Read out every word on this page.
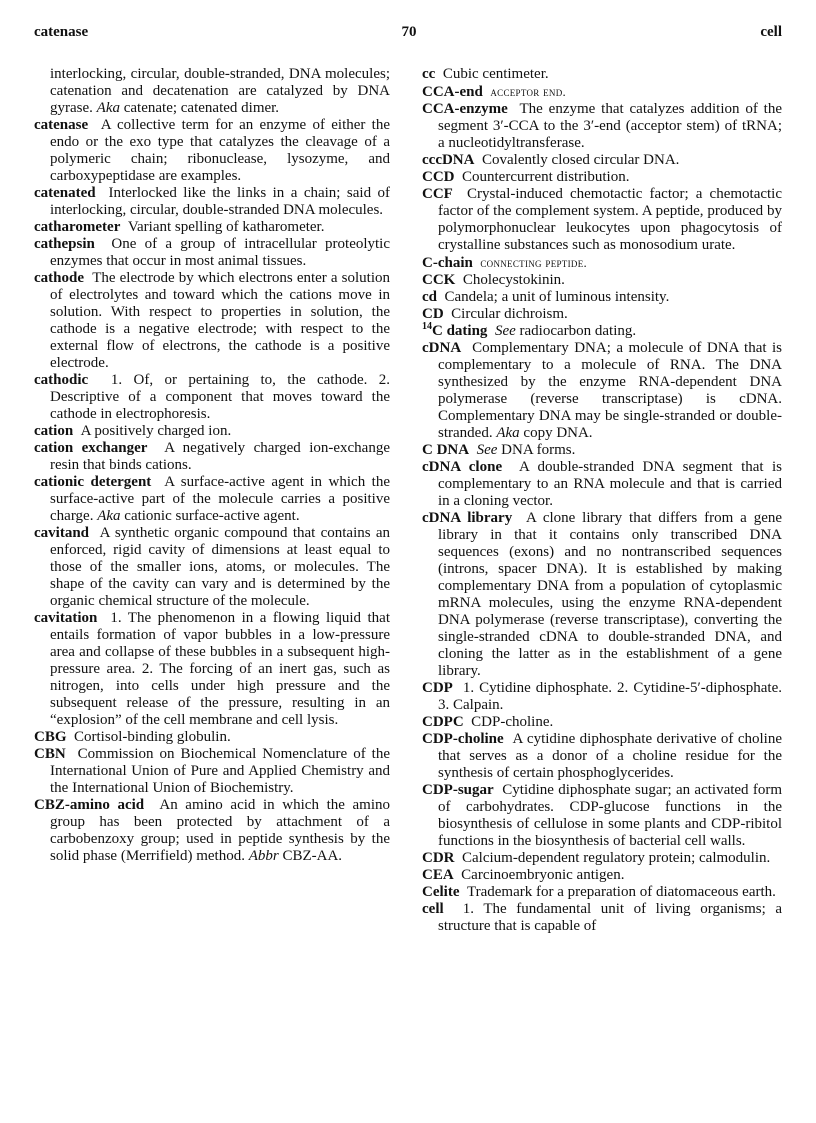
catenase	70	cell

interlocking, circular, double-stranded, DNA molecules; catenation and decatenation are catalyzed by DNA gyrase. Aka catenate; catenated dimer.

catenase A collective term for an enzyme of either the endo or the exo type that catalyzes the cleavage of a polymeric chain; ribonuclease, lysozyme, and carboxypeptidase are examples.

catenated Interlocked like the links in a chain; said of interlocking, circular, double-stranded DNA molecules.

catharometer Variant spelling of katharometer.

cathepsin One of a group of intracellular proteolytic enzymes that occur in most animal tissues.

cathode The electrode by which electrons enter a solution of electrolytes and toward which the cations move in solution. With respect to properties in solution, the cathode is a negative electrode; with respect to the external flow of electrons, the cathode is a positive electrode.

cathodic 1. Of, or pertaining to, the cathode. 2. Descriptive of a component that moves toward the cathode in electrophoresis.

cation A positively charged ion.

cation exchanger A negatively charged ion-exchange resin that binds cations.

cationic detergent A surface-active agent in which the surface-active part of the molecule carries a positive charge. Aka cationic surface-active agent.

cavitand A synthetic organic compound that contains an enforced, rigid cavity of dimensions at least equal to those of the smaller ions, atoms, or molecules. The shape of the cavity can vary and is determined by the organic chemical structure of the molecule.

cavitation 1. The phenomenon in a flowing liquid that entails formation of vapor bubbles in a low-pressure area and collapse of these bubbles in a subsequent high-pressure area. 2. The forcing of an inert gas, such as nitrogen, into cells under high pressure and the subsequent release of the pressure, resulting in an “explosion” of the cell membrane and cell lysis.

CBG Cortisol-binding globulin.

CBN Commission on Biochemical Nomenclature of the International Union of Pure and Applied Chemistry and the International Union of Biochemistry.

CBZ-amino acid An amino acid in which the amino group has been protected by attachment of a carbobenzoxy group; used in peptide synthesis by the solid phase (Merrifield) method. Abbr CBZ-AA.

cc Cubic centimeter.

CCA-end acceptor end.

CCA-enzyme The enzyme that catalyzes addition of the segment 3′-CCA to the 3′-end (acceptor stem) of tRNA; a nucleotidyltransferase.

cccDNA Covalently closed circular DNA.

CCD Countercurrent distribution.

CCF Crystal-induced chemotactic factor; a chemotactic factor of the complement system. A peptide, produced by polymorphonuclear leukocytes upon phagocytosis of crystalline substances such as monosodium urate.

C-chain connecting peptide.

CCK Cholecystokinin.

cd Candela; a unit of luminous intensity.

CD Circular dichroism.

$^{14}$C dating See radiocarbon dating.

cDNA Complementary DNA; a molecule of DNA that is complementary to a molecule of RNA. The DNA synthesized by the enzyme RNA-dependent DNA polymerase (reverse transcriptase) is cDNA. Complementary DNA may be single-stranded or double-stranded. Aka copy DNA.

C DNA See DNA forms.

cDNA clone A double-stranded DNA segment that is complementary to an RNA molecule and that is carried in a cloning vector.

cDNA library A clone library that differs from a gene library in that it contains only transcribed DNA sequences (exons) and no nontranscribed sequences (introns, spacer DNA). It is established by making complementary DNA from a population of cytoplasmic mRNA molecules, using the enzyme RNA-dependent DNA polymerase (reverse transcriptase), converting the single-stranded cDNA to double-stranded DNA, and cloning the latter as in the establishment of a gene library.

CDP 1. Cytidine diphosphate. 2. Cytidine-5′-diphosphate. 3. Calpain.

CDPC CDP-choline.

CDP-choline A cytidine diphosphate derivative of choline that serves as a donor of a choline residue for the synthesis of certain phosphoglycerides.

CDP-sugar Cytidine diphosphate sugar; an activated form of carbohydrates. CDP-glucose functions in the biosynthesis of cellulose in some plants and CDP-ribitol functions in the biosynthesis of bacterial cell walls.

CDR Calcium-dependent regulatory protein; calmodulin.

CEA Carcinoembryonic antigen.

Celite Trademark for a preparation of diatomaceous earth.

cell 1. The fundamental unit of living organisms; a structure that is capable of
